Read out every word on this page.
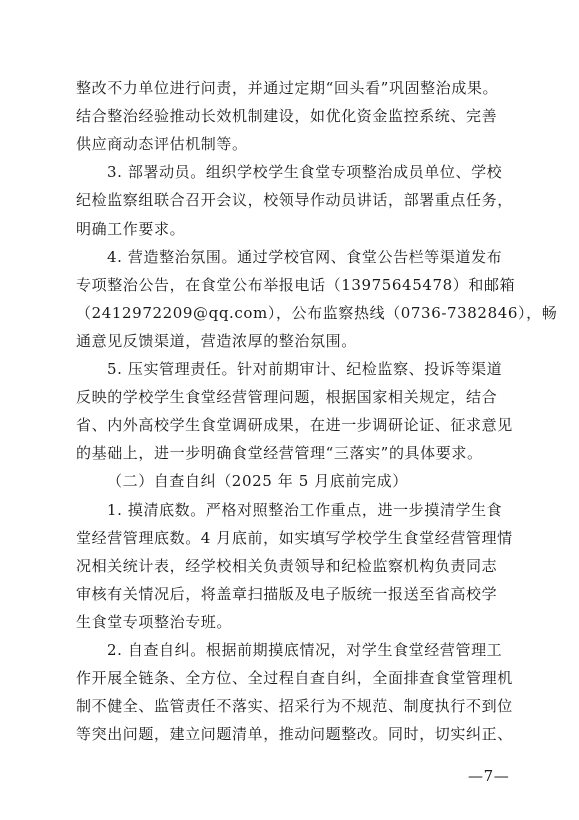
整改不力单位进行问责，并通过定期“回头看”巩固整治成果。
结合整治经验推动长效机制建设，如优化资金监控系统、完善
供应商动态评估机制等。
3. 部署动员。组织学校学生食堂专项整治成员单位、学校
纪检监察组联合召开会议，校领导作动员讲话，部署重点任务，
明确工作要求。
4. 营造整治氛围。通过学校官网、食堂公告栏等渠道发布
专项整治公告，在食堂公布举报电话（13975645478）和邮箱
（2412972209@qq.com），公布监察热线（0736-7382846），畅
通意见反馈渠道，营造浓厚的整治氛围。
5. 压实管理责任。针对前期审计、纪检监察、投诉等渠道
反映的学校学生食堂经营管理问题，根据国家相关规定，结合
省、内外高校学生食堂调研成果，在进一步调研论证、征求意见
的基础上，进一步明确食堂经营管理“三落实”的具体要求。
（二）自查自纠（2025 年 5 月底前完成）
1. 摸清底数。严格对照整治工作重点，进一步摸清学生食
堂经营管理底数。4 月底前，如实填写学校学生食堂经营管理情
况相关统计表，经学校相关负责领导和纪检监察机构负责同志
审核有关情况后，将盖章扫描版及电子版统一报送至省高校学
生食堂专项整治专班。
2. 自查自纠。根据前期摸底情况，对学生食堂经营管理工
作开展全链条、全方位、全过程自查自纠，全面排查食堂管理机
制不健全、监管责任不落实、招采行为不规范、制度执行不到位
等突出问题，建立问题清单，推动问题整改。同时，切实纠正、
—7—
